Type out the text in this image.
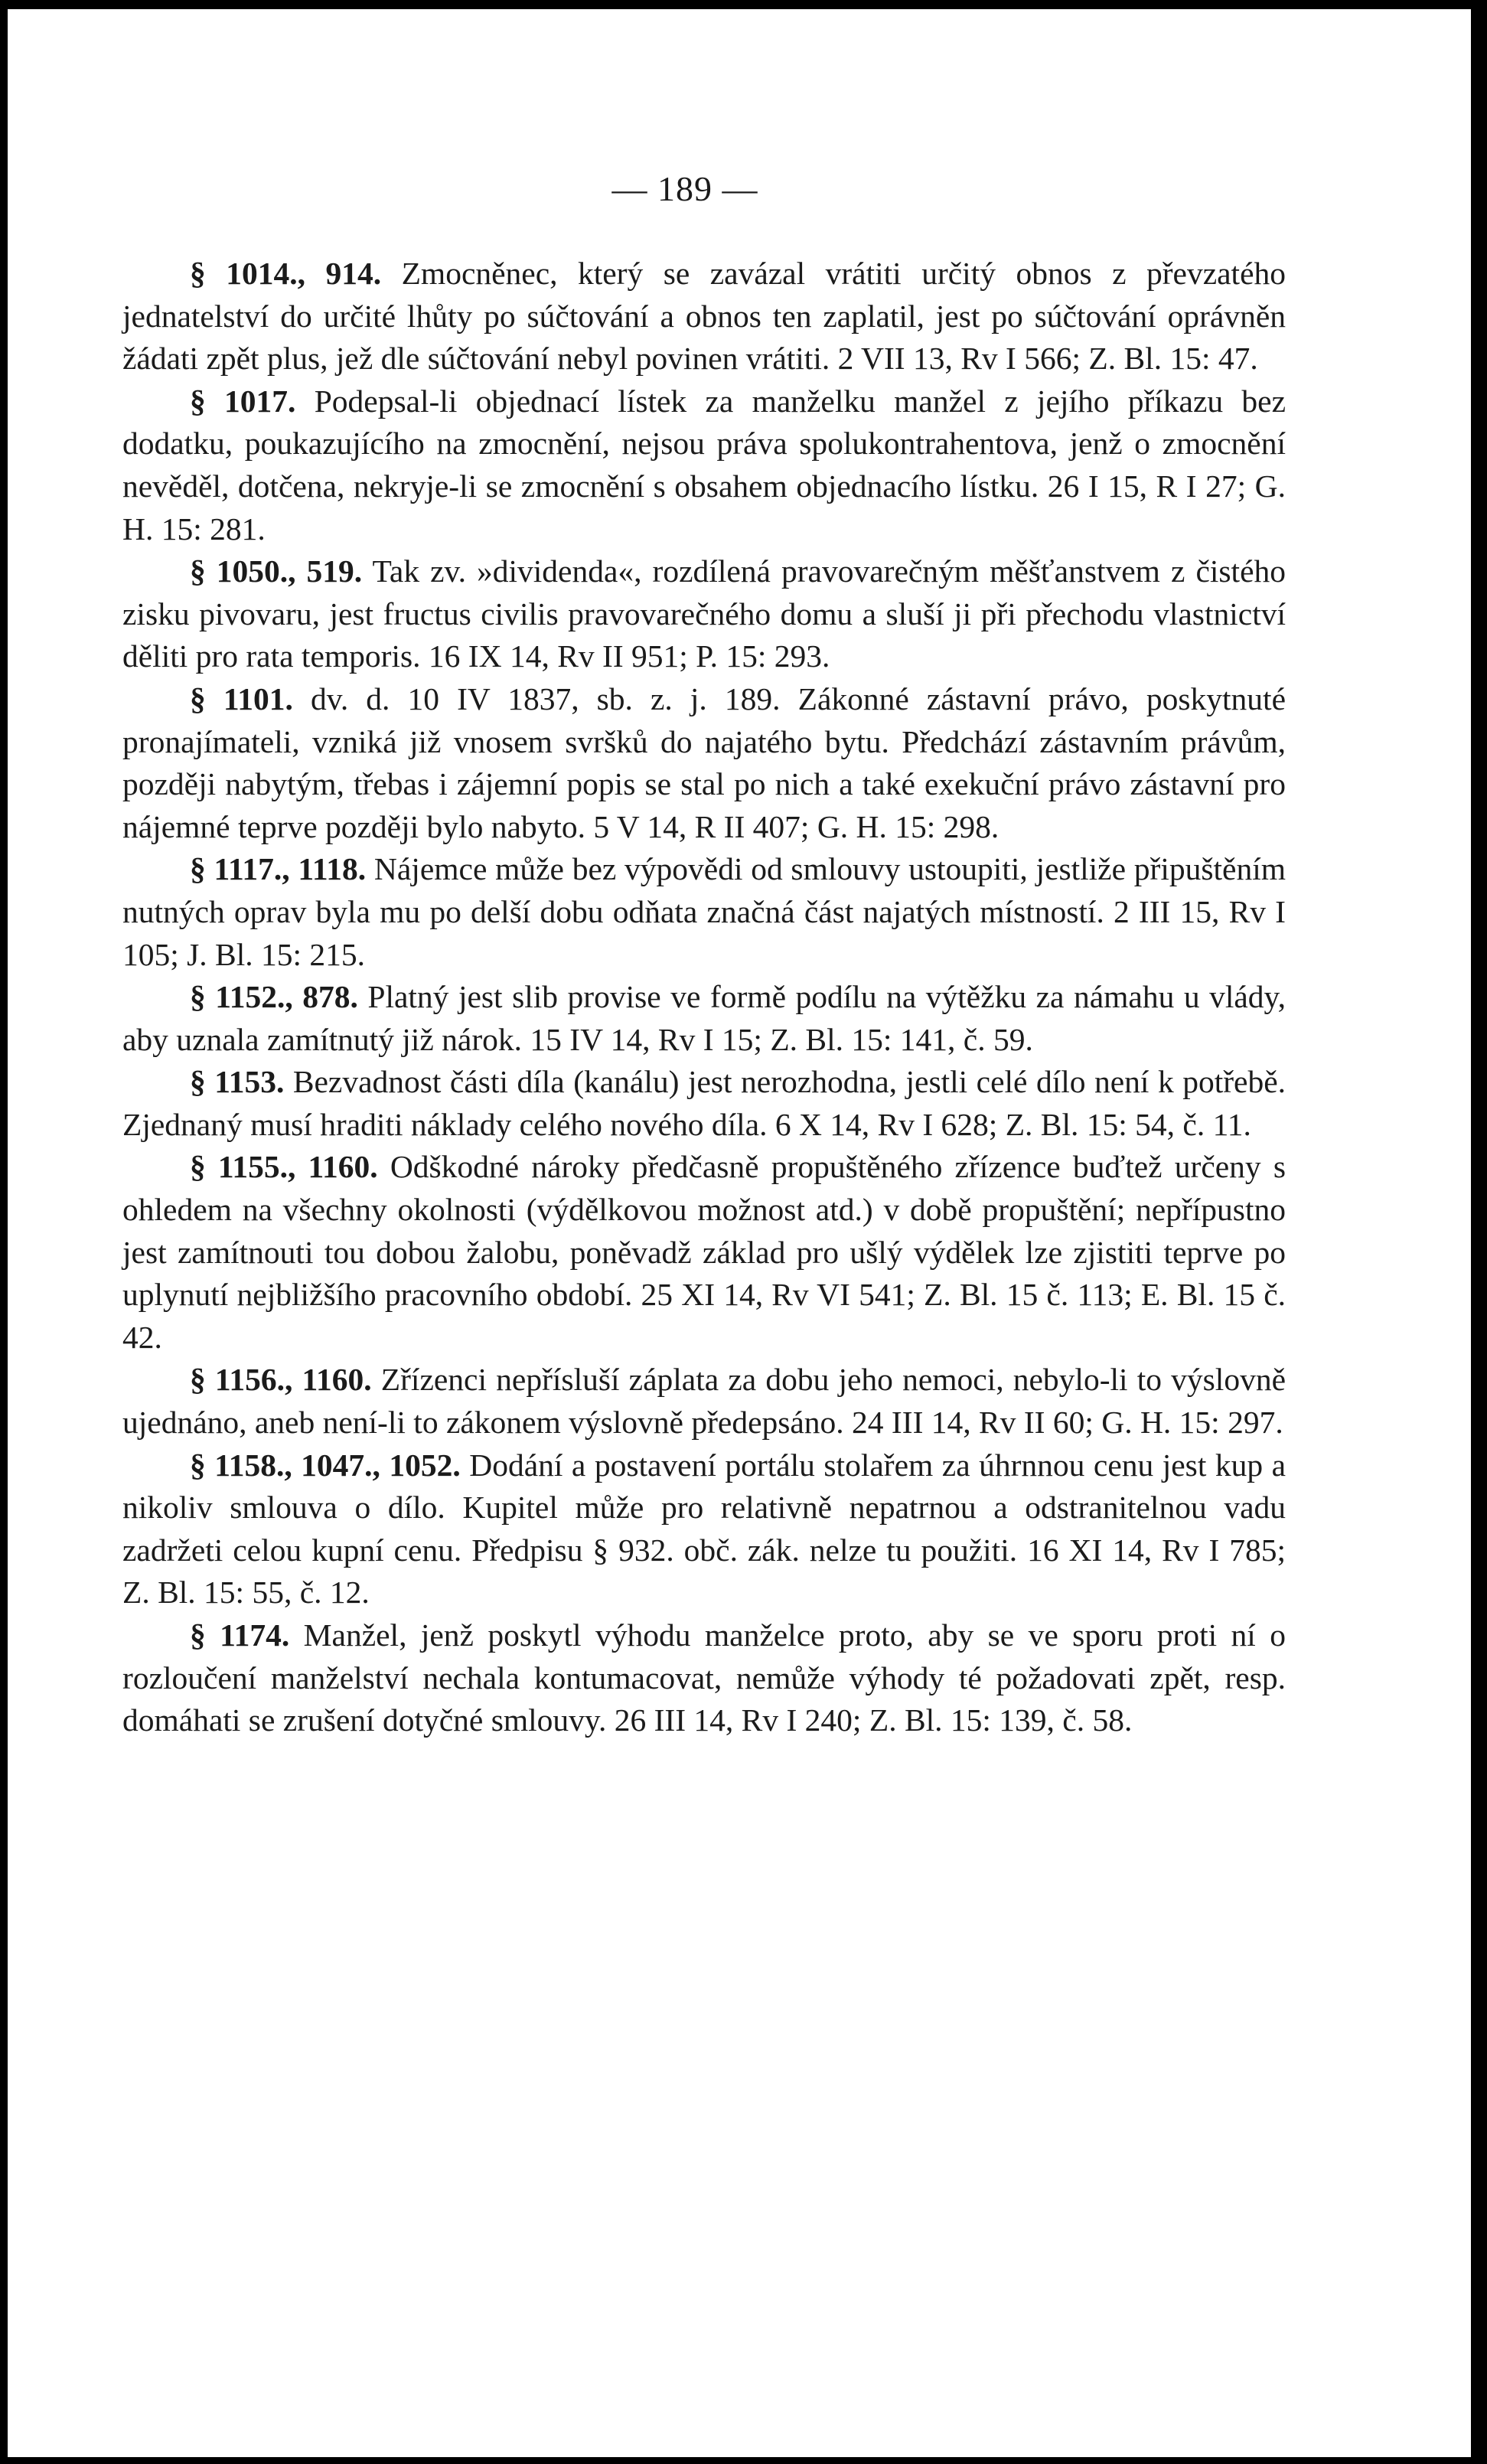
— 189 —

§ 1014., 914. Zmocněnec, který se zavázal vrátiti určitý obnos z převzatého jednatelství do určité lhůty po súčtování a obnos ten zaplatil, jest po súčtování oprávněn žádati zpět plus, jež dle súčtování nebyl povinen vrátiti. 2 VII 13, Rv I 566; Z. Bl. 15: 47.

§ 1017. Podepsal-li objednací lístek za manželku manžel z jejího příkazu bez dodatku, poukazujícího na zmocnění, nejsou práva spolukontrahentova, jenž o zmocnění nevěděl, dotčena, nekryje-li se zmocnění s obsahem objednacího lístku. 26 I 15, R I 27; G. H. 15: 281.

§ 1050., 519. Tak zv. »dividenda«, rozdílená pravovarečným měšťanstvem z čistého zisku pivovaru, jest fructus civilis pravovarečného domu a sluší ji při přechodu vlastnictví děliti pro rata temporis. 16 IX 14, Rv II 951; P. 15: 293.

§ 1101. dv. d. 10 IV 1837, sb. z. j. 189. Zákonné zástavní právo, poskytnuté pronajímateli, vzniká již vnosem svršků do najatého bytu. Předchází zástavním právům, později nabytým, třebas i zájemní popis se stal po nich a také exekuční právo zástavní pro nájemné teprve později bylo nabyto. 5 V 14, R II 407; G. H. 15: 298.

§ 1117., 1118. Nájemce může bez výpovědi od smlouvy ustoupiti, jestliže připuštěním nutných oprav byla mu po delší dobu odňata značná část najatých místností. 2 III 15, Rv I 105; J. Bl. 15: 215.

§ 1152., 878. Platný jest slib provise ve formě podílu na výtěžku za námahu u vlády, aby uznala zamítnutý již nárok. 15 IV 14, Rv I 15; Z. Bl. 15: 141, č. 59.

§ 1153. Bezvadnost části díla (kanálu) jest nerozhodna, jestli celé dílo není k potřebě. Zjednaný musí hraditi náklady celého nového díla. 6 X 14, Rv I 628; Z. Bl. 15: 54, č. 11.

§ 1155., 1160. Odškodné nároky předčasně propuštěného zřízence buďtež určeny s ohledem na všechny okolnosti (výdělkovou možnost atd.) v době propuštění; nepřípustno jest zamítnouti tou dobou žalobu, poněvadž základ pro ušlý výdělek lze zjistiti teprve po uplynutí nejbližšího pracovního období. 25 XI 14, Rv VI 541; Z. Bl. 15 č. 113; E. Bl. 15 č. 42.

§ 1156., 1160. Zřízenci nepřísluší záplata za dobu jeho nemoci, nebylo-li to výslovně ujednáno, aneb není-li to zákonem výslovně předepsáno. 24 III 14, Rv II 60; G. H. 15: 297.

§ 1158., 1047., 1052. Dodání a postavení portálu stolařem za úhrnnou cenu jest kup a nikoliv smlouva o dílo. Kupitel může pro relativně nepatrnou a odstranitelnou vadu zadržeti celou kupní cenu. Předpisu § 932. obč. zák. nelze tu použiti. 16 XI 14, Rv I 785; Z. Bl. 15: 55, č. 12.

§ 1174. Manžel, jenž poskytl výhodu manželce proto, aby se ve sporu proti ní o rozloučení manželství nechala kontumacovat, nemůže výhody té požadovati zpět, resp. domáhati se zrušení dotyčné smlouvy. 26 III 14, Rv I 240; Z. Bl. 15: 139, č. 58.
